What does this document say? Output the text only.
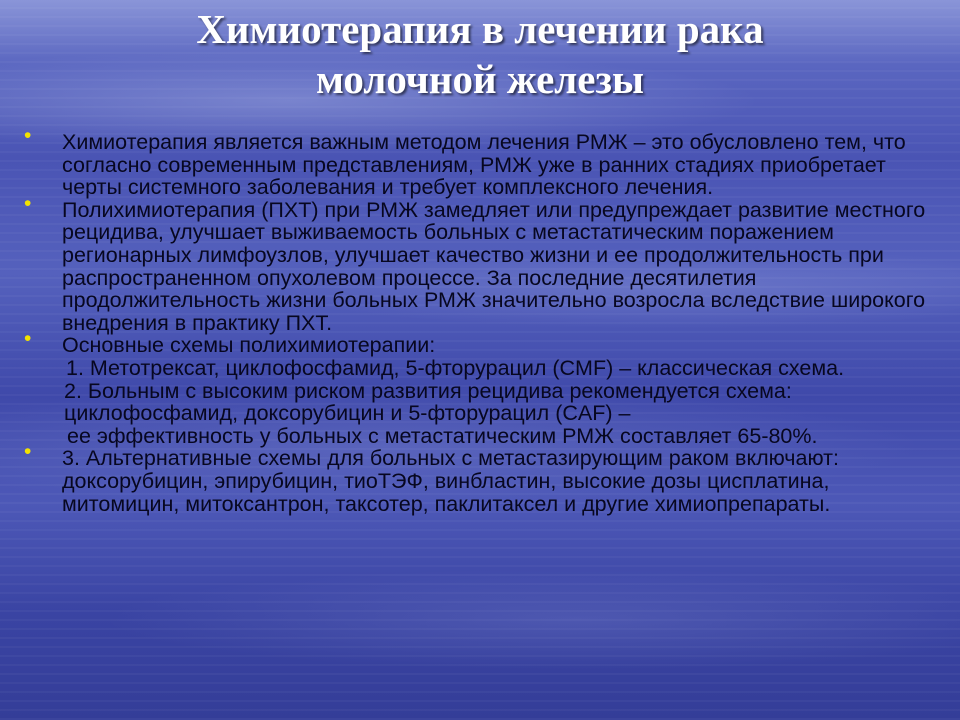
Химиотерапия в лечении рака
молочной железы
• Химиотерапия является важным методом лечения РМЖ – это обусловлено тем, что согласно современным представлениям, РМЖ уже в ранних стадиях приобретает черты системного заболевания и требует комплексного лечения.

• Полихимиотерапия (ПХТ) при РМЖ замедляет или предупреждает развитие местного рецидива, улучшает выживаемость больных с метастатическим поражением регионарных лимфоузлов, улучшает качество жизни и ее продолжительность при распространенном опухолевом процессе. За последние десятилетия продолжительность жизни больных РМЖ значительно возросла вследствие широкого внедрения в практику ПХТ.

• Основные схемы полихимиотерапии:

1. Метотрексат, циклофосфамид, 5-фторурацил (CMF) – классическая схема.

2. Больным с высоким риском развития рецидива рекомендуется схема: циклофосфамид, доксорубицин и 5-фторурацил (CAF) –

ее эффективность у больных с метастатическим РМЖ составляет 65-80%.

• 3. Альтернативные схемы для больных с метастазирующим раком включают: доксорубицин, эпирубицин, тиоТЭФ, винбластин, высокие дозы цисплатина, митомицин, митоксантрон, таксотер, паклитаксел и другие химиопрепараты.
